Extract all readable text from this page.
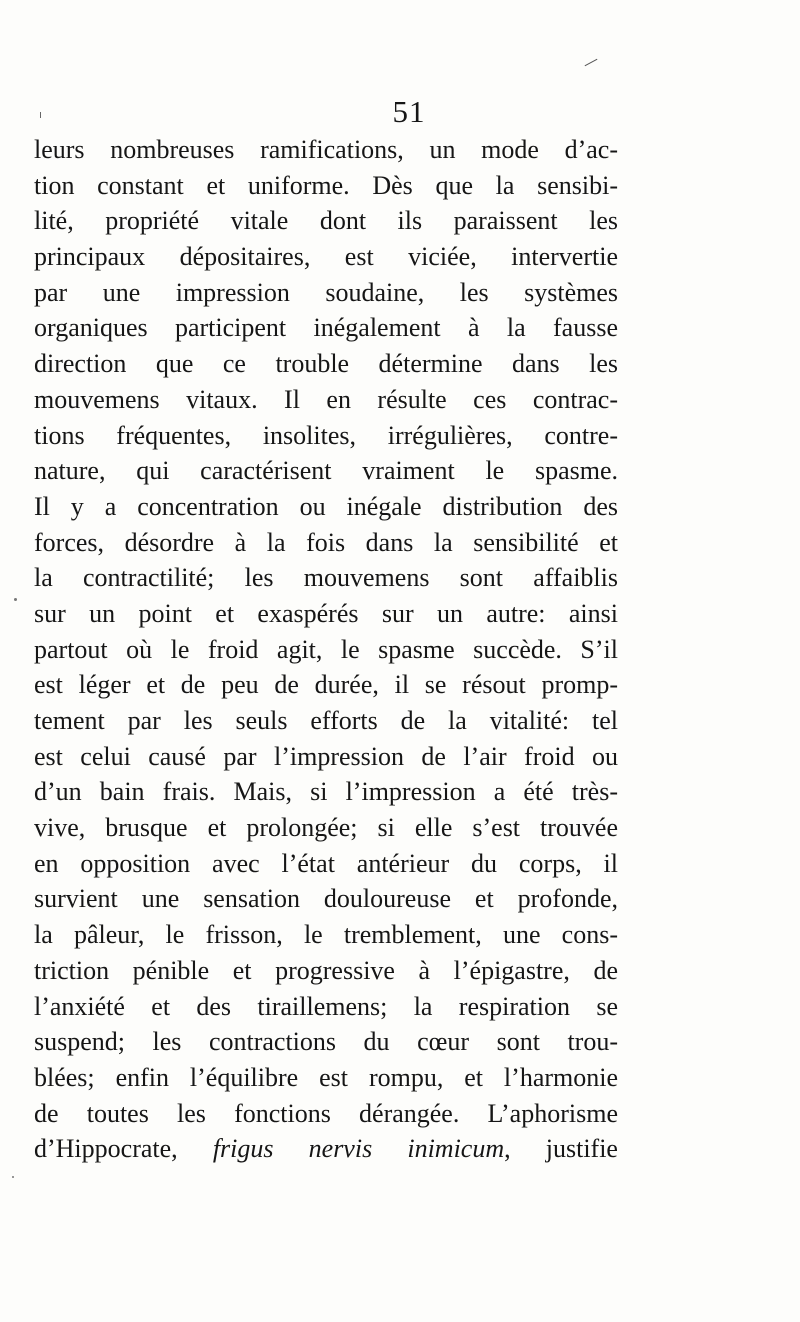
51
leurs nombreuses ramifications, un mode d’ac-
tion constant et uniforme. Dès que la sensibi-
lité, propriété vitale dont ils paraissent les
principaux dépositaires, est viciée, intervertie
par une impression soudaine, les systèmes
organiques participent inégalement à la fausse
direction que ce trouble détermine dans les
mouvemens vitaux. Il en résulte ces contrac-
tions fréquentes, insolites, irrégulières, contre-
nature, qui caractérisent vraiment le spasme.
Il y a concentration ou inégale distribution des
forces, désordre à la fois dans la sensibilité et
la contractilité; les mouvemens sont affaiblis
sur un point et exaspérés sur un autre: ainsi
partout où le froid agit, le spasme succède. S’il
est léger et de peu de durée, il se résout promp-
tement par les seuls efforts de la vitalité: tel
est celui causé par l’impression de l’air froid ou
d’un bain frais. Mais, si l’impression a été très-
vive, brusque et prolongée; si elle s’est trouvée
en opposition avec l’état antérieur du corps, il
survient une sensation douloureuse et profonde,
la pâleur, le frisson, le tremblement, une cons-
triction pénible et progressive à l’épigastre, de
l’anxiété et des tiraillemens; la respiration se
suspend; les contractions du cœur sont trou-
blées; enfin l’équilibre est rompu, et l’harmonie
de toutes les fonctions dérangée. L’aphorisme
d’Hippocrate, frigus nervis inimicum, justifie
